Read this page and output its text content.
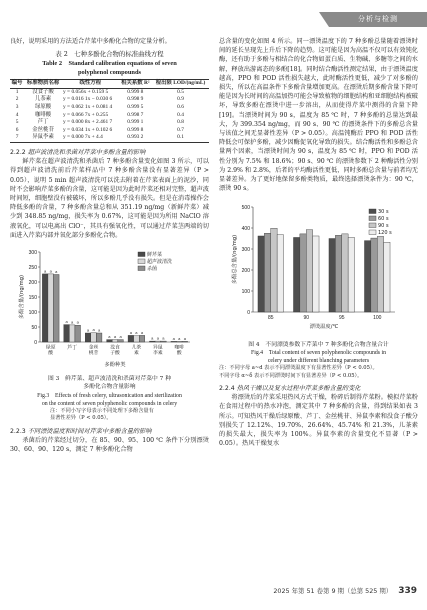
分析与检测

良好，说明采用的方法适合芹菜中多酚化合物的定量分析。

表 2　七种多酚化合物的标准曲线方程
Table 2　Standard calibration equations of seven
polyphenol compounds
编号	标准物质名称	线性方程	相关系数 R²	检出限 LOD/(ng/mL)
1	没食子酸	y = 0.056x + 0.159 5	0.999 8	0.5
2	儿茶素	y = 0.016 1x − 0.030 6	0.998 9	0.9
3	绿原酸	y = 0.062 1x + 0.081 4	0.999 5	0.6
4	咖啡酸	y = 0.066 7x + 0.255	0.998 7	0.4
5	芦丁	y = 0.000 8x + 2.461 7	0.999 1	0.8
6	金丝桃苷	y = 0.034 1x + 0.102 6	0.999 8	0.7
7	异鼠李素	y = 0.000 7x + 4.4	0.993 2	0.1

2.2.2 超声波清洗和杀菌对芹菜中多酚含量的影响

鲜芹菜在超声波清洗和杀菌后 7 种多酚含量变化如图 3 所示，可以得到超声波清洗前后芹菜样品中 7 种多酚含量没有显著差异（P > 0.05），说明 5 min 超声波清洗可以洗去附着在芹菜表面上的泥沙，同时不会影响芹菜多酚的含量，这可能是因为此时芹菜还相对完整，超声波时间短，细胞壁没有被破坏，所以多酚几乎没有损失。但是在消毒操作会降低多酚的含量，7 种多酚含量总和从 351.19 ng/mg（新鲜芹菜）减少到 348.85 ng/mg，损失率为 0.67%，这可能是因为所用 NaClO 溶液氧化，可以电离出 ClO⁻，其具有强氧化性，可以通过芹菜茎两端的切面进入芹菜内部并氧化部分多酚化合物。

0
50
100
150
200
250
300
a a a
绿原
酸
a a a
芦丁
a a a
金丝
桃苷
a a a
没食
子酸
a a a
儿茶
素
a a a
异鼠
李素
a a a
咖啡
酸
多酚种类
多酚含量/(ng/mg)
鲜芹菜
超声波清洗
杀菌
图 3　鲜芹菜、超声波清洗和杀菌对芹菜中 7 种
多酚化合物含量影响
Fig.3　Effects of fresh celery, ultrasonication and sterilization
on the content of seven polyphenolic compounds in celery
注：不同小写字母表示不同处理下多酚含量有
显著性差异（P < 0.05）。

2.2.3 不同漂烫温度和时间对芹菜中多酚含量的影响

杀菌后的芹菜经过切分，在 85、90、95、100 ℃ 条件下分别漂烫 30、60、90、120 s，测定 7 种多酚化合物

总含量的变化如图 4 所示。同一漂烫温度下的 7 种多酚总量随着漂烫时间的延长呈现先上升后下降的趋势。这可能是因为高温不仅可以有效钝化酶，还有助于多酚与相结合的化合物如蛋白质、生物碱、多糖等之间的水解，释放出游离态的多酚[18]。同时结合酶活性测定结果，由于漂烫温度越高，PPO 和 POD 活性损失越大，此时酶活性更低，减少了对多酚的损失，所以在高温条件下多酚含量增加更高。在漂烫后期多酚含量下降可能是因为长时间的高温加热可能会导致植物的细胞结构和亚细胞结构被破坏，导致多酚在漂烫中进一步溶出，从而使得芹菜中测得的含量下降[19]。当漂烫时间为 90 s，温度为 85 ℃ 时，7 种多酚的总量达到最大，为 399.354 ng/mg，而 90 s、90 ℃ 的漂烫条件下的多酚总含量与该值之间无显著性差异（P > 0.05）。高温钝酶后 PPO 和 POD 活性降低会可保护多酚，减少因酶促氧化导致的损失。结合酶活性和多酚总含量两个因素，当漂烫时间为 90 s，温度为 85 ℃ 时，PPO 和 POD 活性分别为 7.5% 和 18.6%；90 s、90 ℃ 的漂烫参数下 2 种酶活性分别为 2.9% 和 2.8%，后者的平均酶活性更低，同时多酚总含量与前者均无显著差异。为了更好地保留多酚类物质，最终选择漂烫条件为：90 ℃，漂烫 90 s。

0
100
200
300
400
500
85	90	95	100
漂烫温度/℃
多酚总含量/(ng/mg)
30 s
60 s
90 s
120 s
图 4　不同漂烫参数下芹菜中 7 种多酚化合物含量合计
Fig.4　Total content of seven polyphenolic compounds in
celery under different blanching parameters
注：不同字母 a~d 表示不同漂烫温度下有显著性差异（P < 0.05）。
不同字母 α~δ 表示不同漂烫时间下有显著差异（P < 0.05）。

2.2.4 热风干燥以及复水过程中芹菜多酚含量的变化

将漂烫后的芹菜采用热风方式干燥，粉碎后制得芹菜粉。模拟芹菜粉在食用过程中的热水冲泡，测定其中 7 种多酚的含量，得到结果如表 3 所示。可知热风干燥后绿原酸、芦丁、金丝桃苷、异鼠李素和没食子酸分别损失了 12.12%、19.70%、26.64%、45.74% 和 21.3%，儿茶素的损失最大，损失率为 100%。异鼠李素的含量变化不显著（P > 0.05）。热风干燥复水

2025 年第 51 卷第 9 期（总第 525 期） 339
